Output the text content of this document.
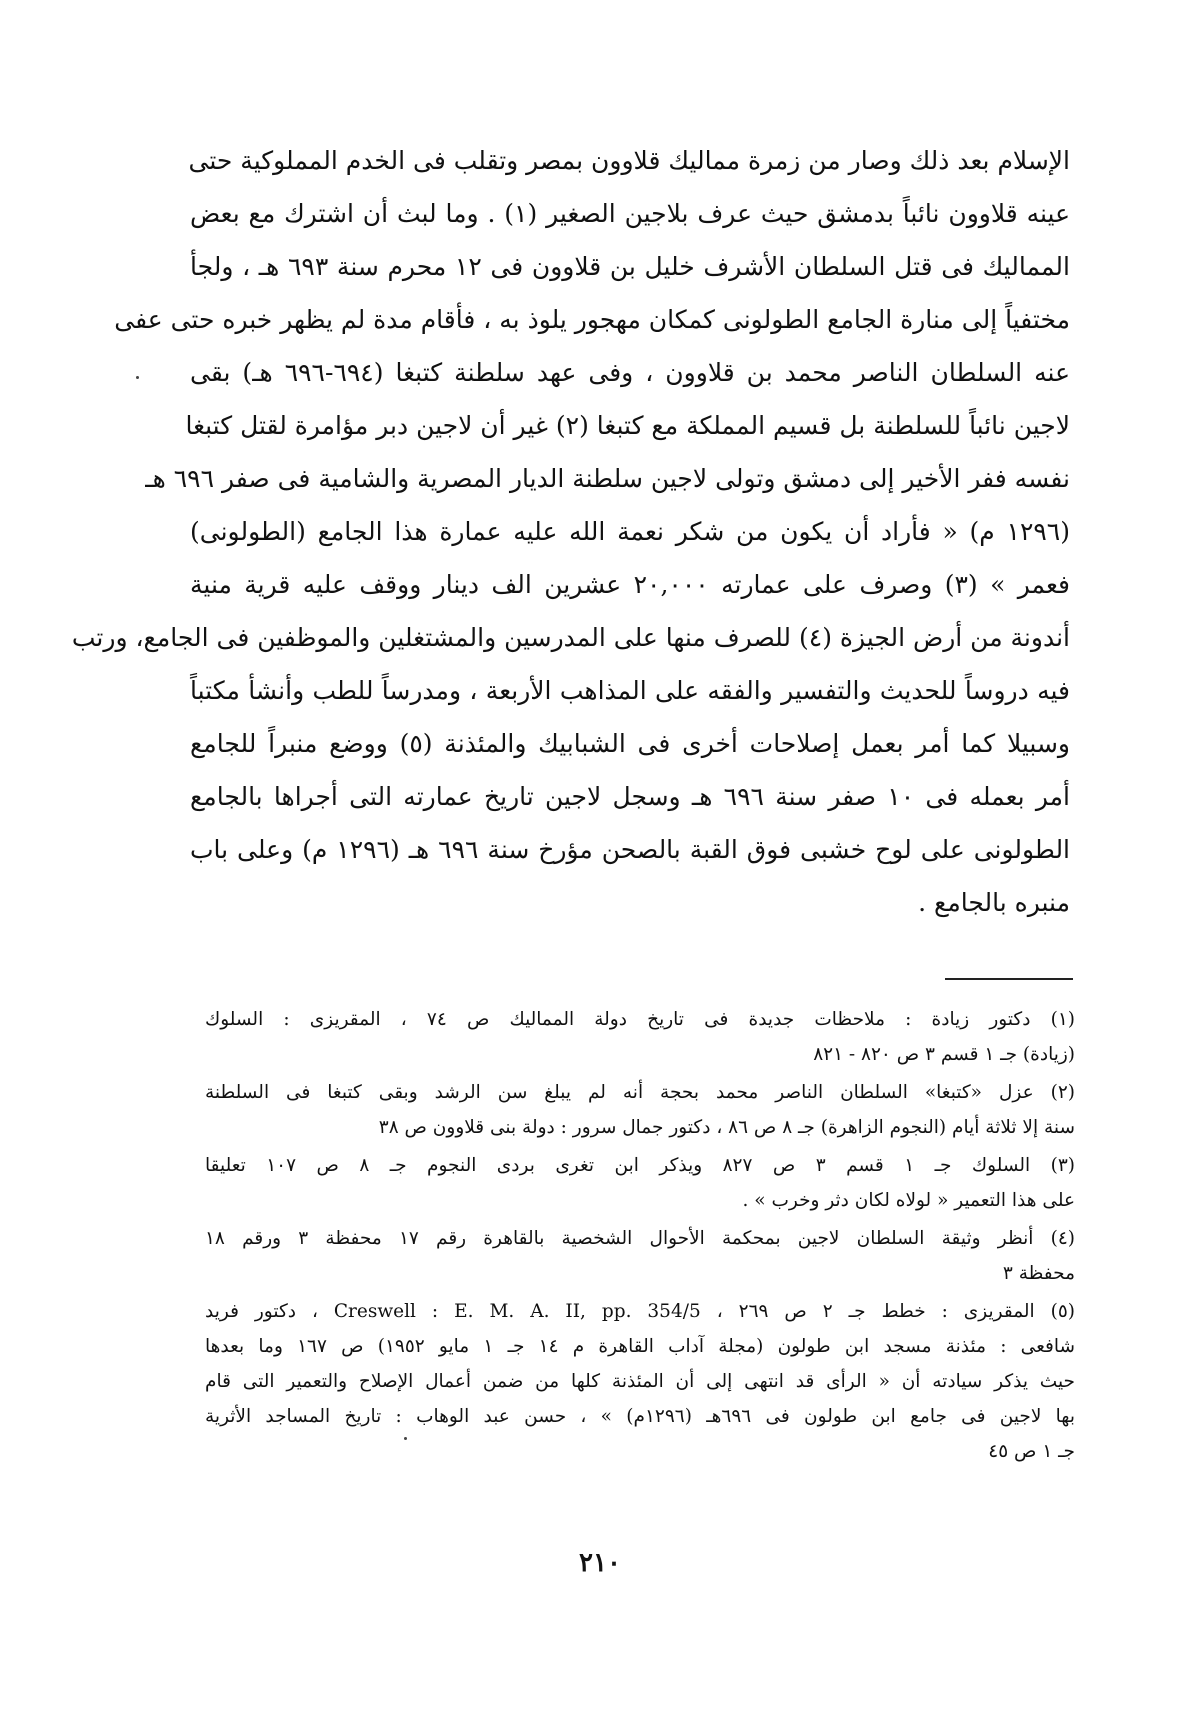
الإسلام بعد ذلك وصار من زمرة مماليك قلاوون بمصر وتقلب فى الخدم المملوكية حتى
عينه قلاوون نائباً بدمشق حيث عرف بلاجين الصغير (١) . وما لبث أن اشترك مع بعض
المماليك فى قتل السلطان الأشرف خليل بن قلاوون فى ١٢ محرم سنة ٦٩٣ هـ ، ولجأ
مختفياً إلى منارة الجامع الطولونى كمكان مهجور يلوذ به ، فأقام مدة لم يظهر خبره حتى عفى
عنه السلطان الناصر محمد بن قلاوون ، وفى عهد سلطنة كتبغا (٦٩٤-٦٩٦ هـ) بقى
لاجين نائباً للسلطنة بل قسيم المملكة مع كتبغا (٢) غير أن لاجين دبر مؤامرة لقتل كتبغا
نفسه ففر الأخير إلى دمشق وتولى لاجين سلطنة الديار المصرية والشامية فى صفر ٦٩٦ هـ
(١٢٩٦ م) « فأراد أن يكون من شكر نعمة الله عليه عمارة هذا الجامع (الطولونى)
فعمر » (٣) وصرف على عمارته ٢٠,٠٠٠ عشرين الف دينار ووقف عليه قرية منية
أندونة من أرض الجيزة (٤) للصرف منها على المدرسين والمشتغلين والموظفين فى الجامع، ورتب
فيه دروساً للحديث والتفسير والفقه على المذاهب الأربعة ، ومدرساً للطب وأنشأ مكتباً
وسبيلا كما أمر بعمل إصلاحات أخرى فى الشبابيك والمئذنة (٥) ووضع منبراً للجامع
أمر بعمله فى ١٠ صفر سنة ٦٩٦ هـ وسجل لاجين تاريخ عمارته التى أجراها بالجامع
الطولونى على لوح خشبى فوق القبة بالصحن مؤرخ سنة ٦٩٦ هـ (١٢٩٦ م) وعلى باب
منبره بالجامع .
(١) دكتور زيادة : ملاحظات جديدة فى تاريخ دولة المماليك ص ٧٤ ، المقريزى : السلوك
(زيادة) جـ ١ قسم ٣ ص ٨٢٠ - ٨٢١
(٢) عزل «كتبغا» السلطان الناصر محمد بحجة أنه لم يبلغ سن الرشد وبقى كتبغا فى السلطنة
سنة إلا ثلاثة أيام (النجوم الزاهرة) جـ ٨ ص ٨٦ ، دكتور جمال سرور : دولة بنى قلاوون ص ٣٨
(٣) السلوك جـ ١ قسم ٣ ص ٨٢٧ ويذكر ابن تغرى بردى النجوم جـ ٨ ص ١٠٧ تعليقا
على هذا التعمير « لولاه لكان دثر وخرب » .
(٤) أنظر وثيقة السلطان لاجين بمحكمة الأحوال الشخصية بالقاهرة رقم ١٧ محفظة ٣ ورقم ١٨
محفظة ٣
(٥) المقريزى : خطط جـ ٢ ص ٢٦٩ ، Creswell : E. M. A. II, pp. 354/5 ، دكتور فريد
شافعى : مئذنة مسجد ابن طولون (مجلة آداب القاهرة م ١٤ جـ ١ مايو ١٩٥٢) ص ١٦٧ وما بعدها
حيث يذكر سيادته أن « الرأى قد انتهى إلى أن المئذنة كلها من ضمن أعمال الإصلاح والتعمير التى قام
بها لاجين فى جامع ابن طولون فى ٦٩٦هـ (١٢٩٦م) » ، حسن عبد الوهاب : تاريخ المساجد الأثرية
جـ ١ ص ٤٥
٢١٠
